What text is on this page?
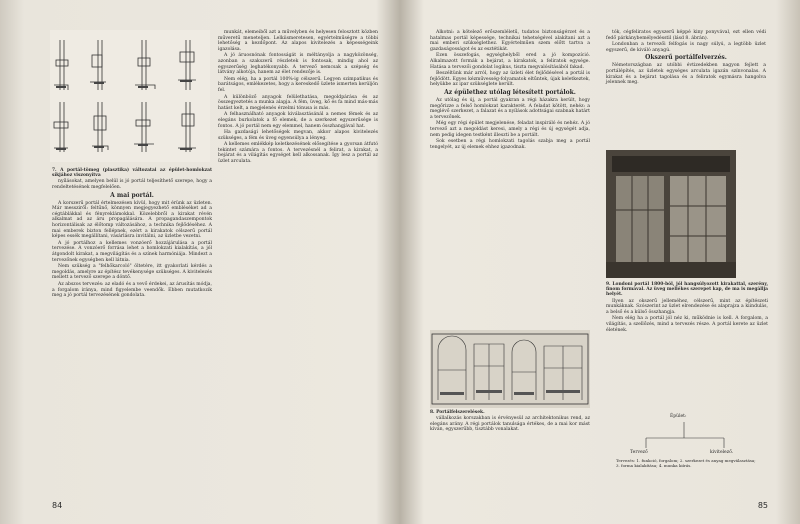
7. A portál-tömeg (plasztika) változatai az épület-homlokzat síkjához viszonyítva

nyílásokat, amelyen belül is jó portál teljesíthető szerepe, hogy a rendeltetésének megfelelően.

A mai portál.

A korszerű portál értelmezésen kívül, hogy mit érünk az üzleten. Már messziről: feltűnő, könnyen megjegyezhető embléséket ad a cégtáblákkal és fényreklámokkal. Közelebbről a kirakat révén alkalmat ad az áru propagálására. A propagandaszempontok horizontálisak az élőtomp változásához, a technika fejlődéséhez. A mai emberek bizton fellépnek, ezért a kirakatok célszerű portál képes essék megállítani, vásárlásra invitálni, az üzletbe vezetni.

A jó portálhoz a kellemes vonzóerő hozzájárulása a portál tervezése. A vonzóerő forrása lehet a homlokzati kialakítás, a jól átgondolt kirakat, a megvilágítás és a színek harmóniája. Mindezt a tervezőnek egységben kell látnia.

Nem szükség a "felhőkarcoló" öltetére, itt gyakorlati kérdés a megoldás, amelyre az építész tevékenysége szükséges. A kivitelezés mellett a tervező szerepe a döntő.

Az abszos tervezés: az eladó és a vevő érdekei, az árusítás módja, a forgalom iránya, mind figyelembe veendők. Ebben mutatkozik meg a jó portál tervezésének gondolata.

munkát, elemeiből azt a művelyben és helyesen felosztott közben műveretű meneteljen. Lelkiismeretesen, egyértelműségre a többi lehetőség a kezdőpont. Az alapos kivitelezés a képességeink igazolása.

A jó áruosnónak fontosságát is méltányolja a nagyközönség, azonban a szakszerű részletek is fontosak, mindig ahol az egyszerűség leghatékonyabb. A tervező nemcsak a szépség és látvány alkotója, hanem az élet rendezője is.

Nem elég, ha a portál 100%-ig célszerű. Legyen szimpatikus és barátságos, emlékezetes, hogy a kereskedő üzlete ismerten kerüljön fel.

A különböző anyagok felülethatása, megoldpárása és az összegyeztetés a munka alapja. A fém, üveg, kő és fa mind más-más hatást kelt, a megjelenés érzelmi tónusa is más.

A felhasználható anyagok kiválasztásánál a nemes fémek és az elegáns burkolatok a fő elemek, de a szerkezet egyszerűsége is fontos. A jó portál nem egy elemmel, hanem összhangjával hat.

Ha gazdasági lehetőségek megvan, akkor alapos kivitelezés szükséges, a fém és üveg egyensúlya a lényeg.

A kellemes emlékkép keletkezésének elősegítése a gyorsan átfutó tekintet számára a fontos. A tervezésnél a felirat, a kirakat, a bejárat és a világítás egységet kell alkossanak. Így lesz a portál az üzlet arculata.

84

Alkotni: a kötelező erőszemléletű, tudatos biztonságérzet és a hatalmas portál képessége, technikai tehetségével alakítani azt a mai emberi szükséglethez. Egyértelműen szem előtt tartva a gazdaságosságot és az esztétikát.

Ezen összefogás, egységhelyből ered a jó kompozíció. Alkalmazott formák a bejárat, a kirakatok, a feliratok egysége. Hatása a tervezői gondolat logikus, tiszta megvalósításából fakad.

Beszéltünk már arról, hogy az üzleti élet fejlődésével a portál is fejlődött. Egyes kézművesség-folyamatok eltűntek, újak keletkeztek, helyükbe az ipar szükséglete került.

Az épülethez utólag létesített portálok.

Az utólag és új, a portál gyakran a régi házakra került, hogy megőrizze a felső homlokzat karakterét. A feladat kötött, nehéz: a meglévő szerkezet, a falazat és a nyílások adottságai szabnak határt a tervezőnek.

Még egy régi épület megjelenése, feladat inspiráló és nehéz. A jó tervező azt a megoldást keresi, amely a régi és új egységét adja, nem pedig idegen testként illeszti be a portált.

Sok esetben a régi homlokzati tagolás szabja meg a portál tengelyét, az új elemek ehhez igazodnak.

8. Portálfelszerelések.

vállalkozás korszakban is érvényesül az architektonikus rend, az elegáns arány. A régi portálok tanulsága értékes, de a mai kor mást kíván, egyszerűbb, tisztább vonalakat.

tók, cégfeliratos egyszerű képpé kiny ponyvával, ezt ellen védi fedő párkánybemélyedésstil (lásd 8. ábrán).

Londonban a tervezői felfogás is nagy súlyú, a legtöbb üzlet egyszerű, de kiváló anyagú.

Okszerű portálfelverzés.

Németországban az utóbbi évtizedekben nagyon fejlett a portálépítés, az üzletek egységes arculata igazán színvonalas. A kirakat és a bejárat tagolása és a feliratok egymásra hangolva jelennek meg.

9. Londoni portál 1800-ból, jól hangsúlyozott kirakattal, szerény, finom formával. Az üveg mellékes szerepet kap, de ma is megállja helyét.

Ilyen az okszerű jelleméhez, célszerű, mint az építészeti munkáknak. Szószerint az üzlet elrendezése és alaprajza a kiindulás, a belső és a külső összhangja.

Nem elég ha a portál jól néz ki, működnie is kell. A forgalom, a világítás, a szellőzés, mind a tervezés része. A portál kerete az üzlet életének.

Épület:
Tervező	kivitelező.
Tervezés: 1. funkció, forgalom; 2. szerkezet és anyag megválasztása; 3. forma kialakítása; 4. munka kiírás.
85
